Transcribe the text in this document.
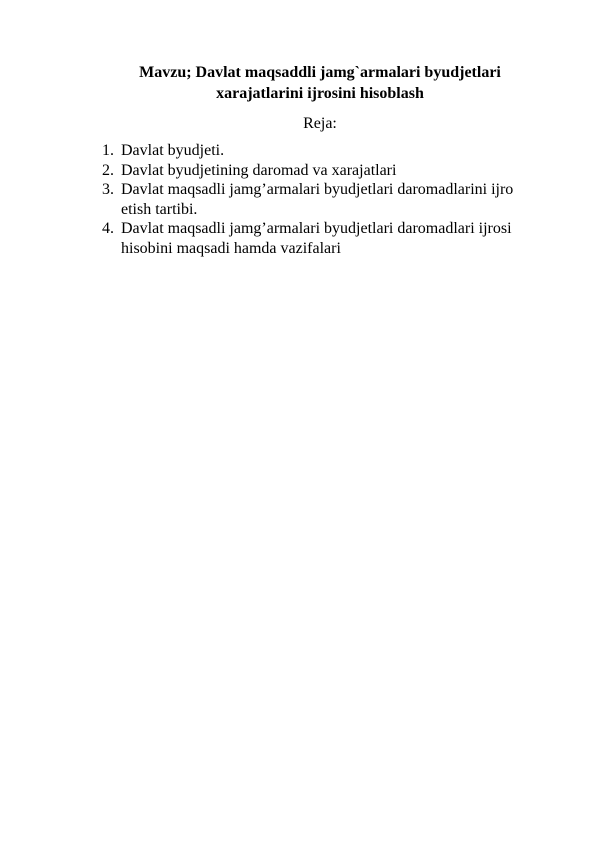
Mavzu; Davlat maqsaddli jamg`armalari byudjetlari
xarajatlarini ijrosini hisoblash
Reja:
1. Davlat byudjeti.
2. Davlat byudjetining daromad va xarajatlari
3. Davlat maqsadli jamg’armalari byudjetlari daromadlarini ijro etish tartibi.
4. Davlat maqsadli jamg’armalari byudjetlari daromadlari ijrosi hisobini maqsadi hamda vazifalari
